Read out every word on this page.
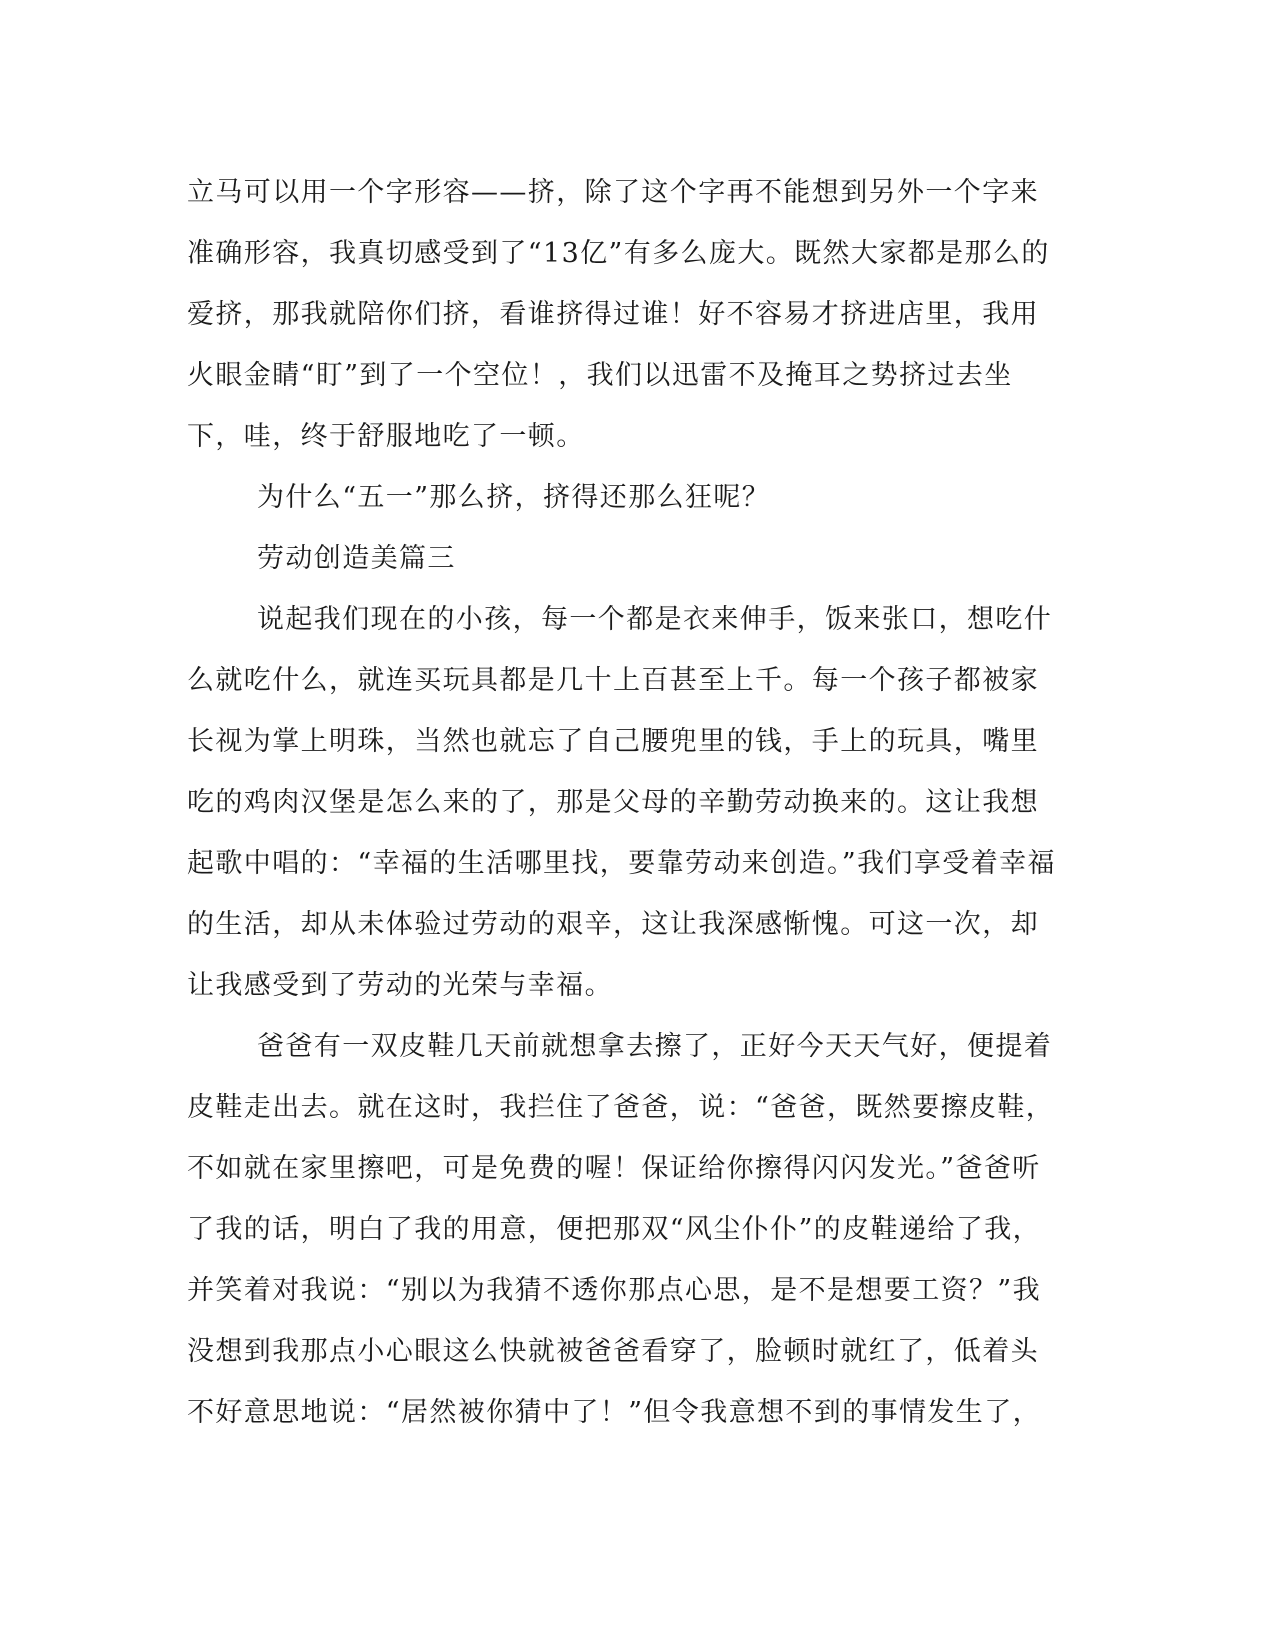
立马可以用一个字形容——挤，除了这个字再不能想到另外一个字来准确形容，我真切感受到了“13亿”有多么庞大。既然大家都是那么的爱挤，那我就陪你们挤，看谁挤得过谁！好不容易才挤进店里，我用火眼金睛“盯”到了一个空位！，我们以迅雷不及掩耳之势挤过去坐下，哇，终于舒服地吃了一顿。

为什么“五一”那么挤，挤得还那么狂呢？

劳动创造美篇三

说起我们现在的小孩，每一个都是衣来伸手，饭来张口，想吃什么就吃什么，就连买玩具都是几十上百甚至上千。每一个孩子都被家长视为掌上明珠，当然也就忘了自己腰兜里的钱，手上的玩具，嘴里吃的鸡肉汉堡是怎么来的了，那是父母的辛勤劳动换来的。这让我想起歌中唱的：“幸福的生活哪里找，要靠劳动来创造。”我们享受着幸福的生活，却从未体验过劳动的艰辛，这让我深感惭愧。可这一次，却让我感受到了劳动的光荣与幸福。

爸爸有一双皮鞋几天前就想拿去擦了，正好今天天气好，便提着皮鞋走出去。就在这时，我拦住了爸爸，说：“爸爸，既然要擦皮鞋，不如就在家里擦吧，可是免费的喔！保证给你擦得闪闪发光。”爸爸听了我的话，明白了我的用意，便把那双“风尘仆仆”的皮鞋递给了我，并笑着对我说：“别以为我猜不透你那点心思，是不是想要工资？”我没想到我那点小心眼这么快就被爸爸看穿了，脸顿时就红了，低着头不好意思地说：“居然被你猜中了！”但令我意想不到的事情发生了，
